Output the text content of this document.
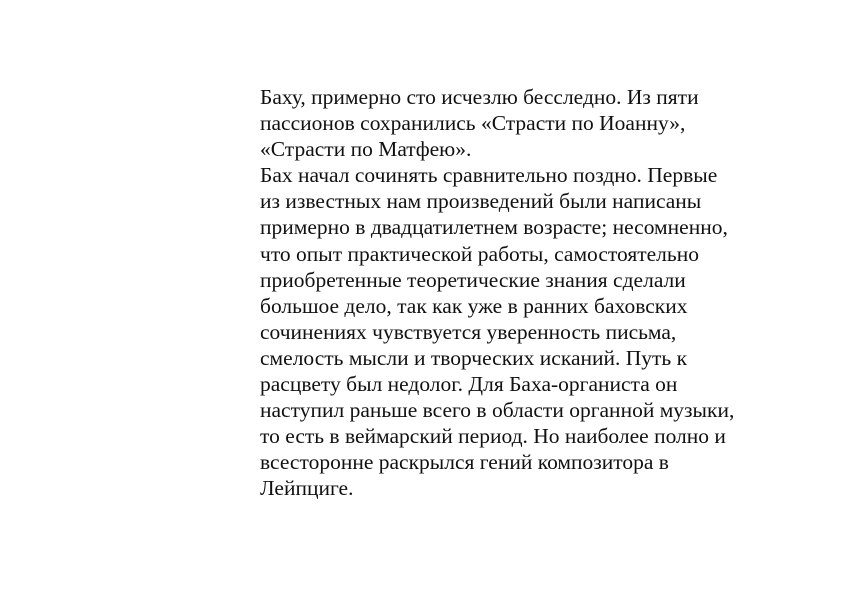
Баху, примерно сто исчезлю бесследно. Из пяти
пассионов сохранились «Страсти по Иоанну»,
«Страсти по Матфею».
Бах начал сочинять сравнительно поздно. Первые
из известных нам произведений были написаны
примерно в двадцатилетнем возрасте; несомненно,
что опыт практической работы, самостоятельно
приобретенные теоретические знания сделали
большое дело, так как уже в ранних баховских
сочинениях чувствуется уверенность письма,
смелость мысли и творческих исканий. Путь к
расцвету был недолог. Для Баха-органиста он
наступил раньше всего в области органной музыки,
то есть в веймарский период. Но наиболее полно и
всесторонне раскрылся гений композитора в
Лейпциге.
